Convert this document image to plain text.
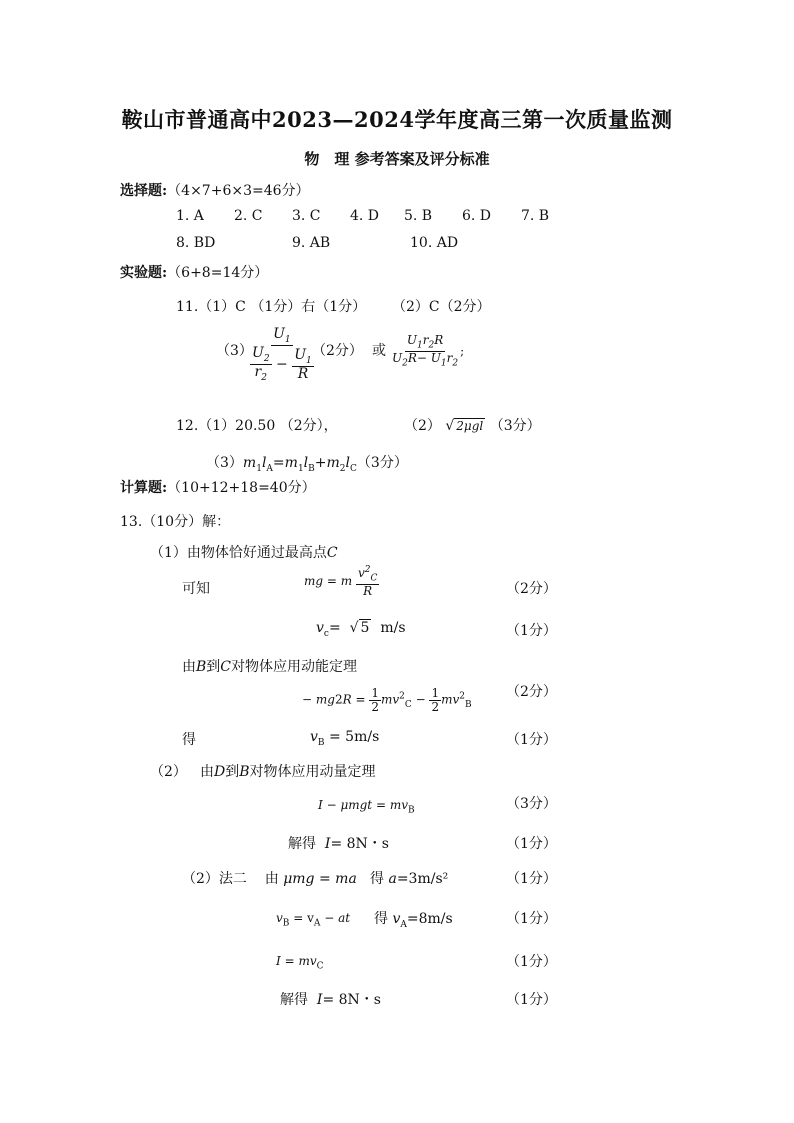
鞍山市普通高中2023—2024学年度高三第一次质量监测
物　理 参考答案及评分标准
选择题:（4×7+6×3=46分）
1. A 2. C 3. C 4. D 5. B 6. D 7. B
8. BD	9. AB	10. AD
实验题:（6+8=14分）
11.（1）C （1分）右（1分） （2）C（2分）
（3）
$\frac{U_1}{\frac{U_2}{r_2} - \frac{U_1}{R}}$
（2分） 或 $\frac{U_1r_2R}{U_2R- U_1r_2}$ ;
12.（1）20.50 （2分），	（2） √ 2μgl （3分）
$(3)m_1l_A=m_1l_B+m_2l_C(3$分）
计算题:（10+12+18=40分）
13.（10分）解：
（1）由物体恰好通过最高点C
可知	mg = m $\frac{v^2_C}{R}$	（2分）
$v_c=$  √ 5 m/s	（1分）
由B到C对物体应用动能定理
− $mg2R = \frac{1}{2} mv^2_C - \frac{1}{2} mv^2_B$
（2分）
得	$v_B = 5m/s$	（1分）
（2） 由D到B对物体应用动量定理
$I - \mu mgt = mv_B$	（3分）
解得 I= 8N・s	（1分）
（2）法二 由 μmg = ma 得 a=3m/s²	（1分）
$v_B = v_A$ − at 得 $v_A=8m/s$	（1分）
$I = mv_C$	（1分）
解得 I= 8N・s	（1分）
